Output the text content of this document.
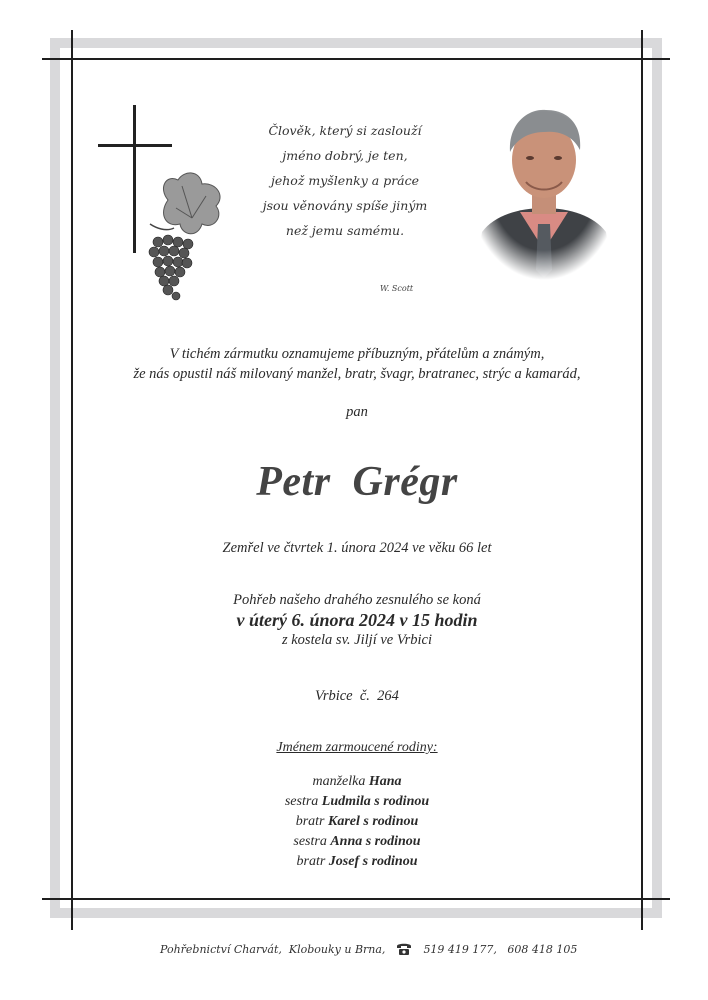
Člověk, který si zaslouží
jméno dobrý, je ten,
jehož myšlenky a práce
jsou věnovány spíše jiným
než jemu samému.
W. Scott
V tichém zármutku oznamujeme příbuzným, přátelům a známým,
že nás opustil náš milovaný manžel, bratr, švagr, bratranec, strýc a kamarád,
pan
Petr  Grégr
Zemřel ve čtvrtek 1. února 2024 ve věku 66 let
Pohřeb našeho drahého zesnulého se koná
v úterý 6. února 2024 v 15 hodin
z kostela sv. Jiljí ve Vrbici
Vrbice  č.  264
Jménem zarmoucené rodiny:
manželka Hana
sestra Ludmila s rodinou
bratr Karel s rodinou
sestra Anna s rodinou
bratr Josef s rodinou
Pohřebnictví Charvát,  Klobouky u Brna,	519 419 177,   608 418 105
